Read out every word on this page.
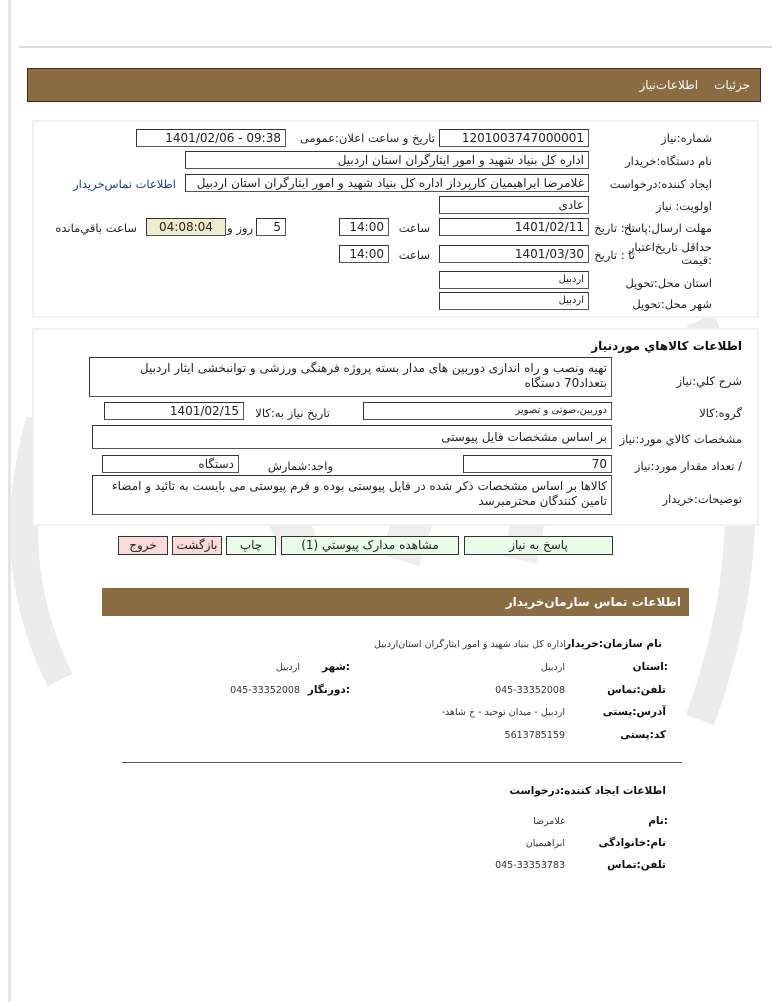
جزئیات
اطلاعات‌نیاز
شماره:نیاز
1201003747000001
تاریخ و ساعت اعلان:عمومی
1401/02/06 - 09:38
نام دستگاه:خریدار
اداره کل بنیاد شهید و امور ایثارگران استان اردبیل
ایجاد کننده:درخواست
غلامرضا ابراهیمیان کارپرداز اداره کل بنیاد شهید و امور ایثارگران استان اردبیل
اطلاعات تماس‌خریدار
اولویت: نیاز
عادی
مهلت ارسال:پاسخ
تا : تاریخ
1401/02/11
ساعت
14:00
5
روز و
04:08:04
ساعت باقي‌مانده
حداقل تاریخ‌اعتبار :قیمت
تا : تاریخ
1401/03/30
ساعت
14:00
استان محل:تحویل
اردبیل
شهر محل:تحویل
اردبیل
اطلاعات کالاهاي موردنیاز
شرح کلي:نیاز
تهیه ونصب و راه اندازی دوربین های مدار بسته پروژه فرهنگی ورزشی و توانبخشی ایثار اردبیل بتعداد70 دستگاه
گروه:کالا
دوربین،صوتی و تصویر
تاریخ نیاز به:کالا
1401/02/15
مشخصات کالاي مورد:نیاز
بر اساس مشخصات فایل پیوستی
/ تعداد مقدار مورد:نیاز
70
واحد:شمارش
دستگاه
توضیحات:خریدار
کالاها بر اساس مشخصات ذکر شده در فایل پیوستی بوده و فرم پیوستی می بایست به تائید و امضاء تامین کنندگان محترمبرسد
پاسخ به نیاز
مشاهده مدارک پیوستي (1)
چاپ
بازگشت
خروج
اطلاعات تماس سازمان‌خریدار
نام سازمان:خریدار
اداره کل بنیاد شهید و امور ایثارگران استان‌اردبیل
:استان
اردبیل
:شهر
اردبیل
تلفن:تماس
045-33352008
:دورنگار
045-33352008
آدرس:پستی
اردبیل - میدان توحید - خ شاهد-
کد:پستی
5613785159
اطلاعات ایجاد کننده:درخواست
:نام
غلامرضا
نام:خانوادگی
ابراهیمیان
تلفن:تماس
045-33353783
